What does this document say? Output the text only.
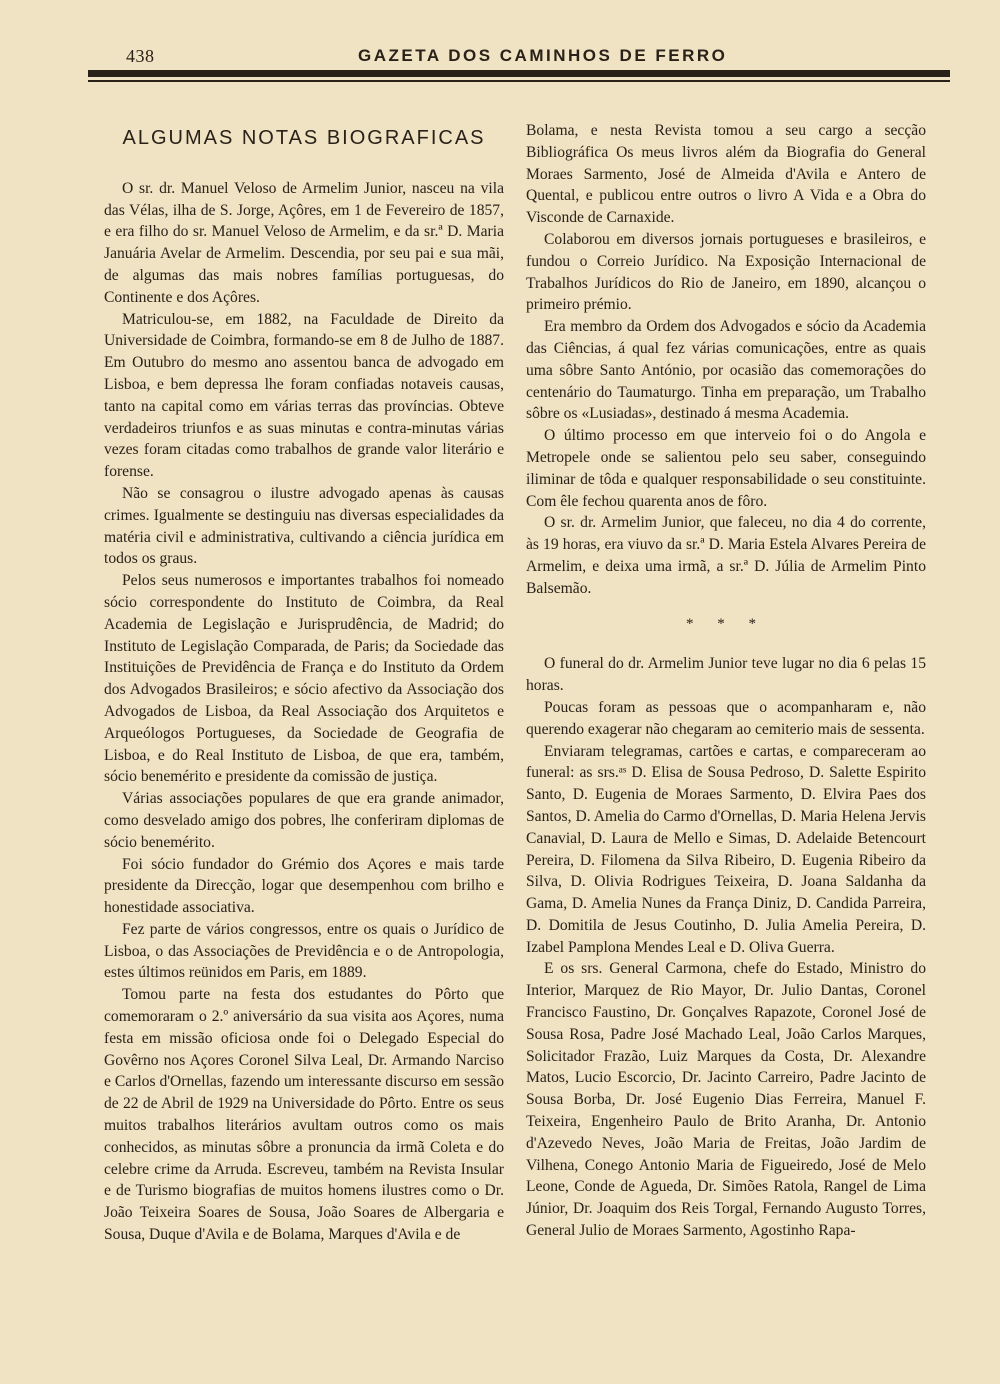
438	GAZETA DOS CAMINHOS DE FERRO
ALGUMAS NOTAS BIOGRAFICAS

O sr. dr. Manuel Veloso de Armelim Junior, nasceu na vila das Vélas, ilha de S. Jorge, Açôres, em 1 de Fevereiro de 1857, e era filho do sr. Manuel Veloso de Armelim, e da sr.ª D. Maria Januária Avelar de Armelim. Descendia, por seu pai e sua mãi, de algumas das mais nobres famílias portuguesas, do Continente e dos Açôres.

Matriculou-se, em 1882, na Faculdade de Direito da Universidade de Coimbra, formando-se em 8 de Julho de 1887. Em Outubro do mesmo ano assentou banca de advogado em Lisboa, e bem depressa lhe foram confiadas notaveis causas, tanto na capital como em várias terras das províncias. Obteve verdadeiros triunfos e as suas minutas e contra-minutas várias vezes foram citadas como trabalhos de grande valor literário e forense.

Não se consagrou o ilustre advogado apenas às causas crimes. Igualmente se destinguiu nas diversas especialidades da matéria civil e administrativa, cultivando a ciência jurídica em todos os graus.

Pelos seus numerosos e importantes trabalhos foi nomeado sócio correspondente do Instituto de Coimbra, da Real Academia de Legislação e Jurisprudência, de Madrid; do Instituto de Legislação Comparada, de Paris; da Sociedade das Instituições de Previdência de França e do Instituto da Ordem dos Advogados Brasileiros; e sócio afectivo da Associação dos Advogados de Lisboa, da Real Associação dos Arquitetos e Arqueólogos Portugueses, da Sociedade de Geografia de Lisboa, e do Real Instituto de Lisboa, de que era, também, sócio benemérito e presidente da comissão de justiça.

Várias associações populares de que era grande animador, como desvelado amigo dos pobres, lhe conferiram diplomas de sócio benemérito.

Foi sócio fundador do Grémio dos Açores e mais tarde presidente da Direcção, logar que desempenhou com brilho e honestidade associativa.

Fez parte de vários congressos, entre os quais o Jurídico de Lisboa, o das Associações de Previdência e o de Antropologia, estes últimos reünidos em Paris, em 1889.

Tomou parte na festa dos estudantes do Pôrto que comemoraram o 2.º aniversário da sua visita aos Açores, numa festa em missão oficiosa onde foi o Delegado Especial do Govêrno nos Açores Coronel Silva Leal, Dr. Armando Narciso e Carlos d'Ornellas, fazendo um interessante discurso em sessão de 22 de Abril de 1929 na Universidade do Pôrto. Entre os seus muitos trabalhos literários avultam outros como os mais conhecidos, as minutas sôbre a pronuncia da irmã Coleta e do celebre crime da Arruda. Escreveu, também na Revista Insular e de Turismo biografias de muitos homens ilustres como o Dr. João Teixeira Soares de Sousa, João Soares de Albergaria e Sousa, Duque d'Avila e de Bolama, Marques d'Avila e de

Bolama, e nesta Revista tomou a seu cargo a secção Bibliográfica Os meus livros além da Biografia do General Moraes Sarmento, José de Almeida d'Avila e Antero de Quental, e publicou entre outros o livro A Vida e a Obra do Visconde de Carnaxide.

Colaborou em diversos jornais portugueses e brasileiros, e fundou o Correio Jurídico. Na Exposição Internacional de Trabalhos Jurídicos do Rio de Janeiro, em 1890, alcançou o primeiro prémio.

Era membro da Ordem dos Advogados e sócio da Academia das Ciências, á qual fez várias comunicações, entre as quais uma sôbre Santo António, por ocasião das comemorações do centenário do Taumaturgo. Tinha em preparação, um Trabalho sôbre os «Lusiadas», destinado á mesma Academia.

O último processo em que interveio foi o do Angola e Metropele onde se salientou pelo seu saber, conseguindo iliminar de tôda e qualquer responsabilidade o seu constituinte. Com êle fechou quarenta anos de fôro.

O sr. dr. Armelim Junior, que faleceu, no dia 4 do corrente, às 19 horas, era viuvo da sr.ª D. Maria Estela Alvares Pereira de Armelim, e deixa uma irmã, a sr.ª D. Júlia de Armelim Pinto Balsemão.

* * *

O funeral do dr. Armelim Junior teve lugar no dia 6 pelas 15 horas.

Poucas foram as pessoas que o acompanharam e, não querendo exagerar não chegaram ao cemiterio mais de sessenta.

Enviaram telegramas, cartões e cartas, e compareceram ao funeral: as srs.ᵃˢ D. Elisa de Sousa Pedroso, D. Salette Espirito Santo, D. Eugenia de Moraes Sarmento, D. Elvira Paes dos Santos, D. Amelia do Carmo d'Ornellas, D. Maria Helena Jervis Canavial, D. Laura de Mello e Simas, D. Adelaide Betencourt Pereira, D. Filomena da Silva Ribeiro, D. Eugenia Ribeiro da Silva, D. Olivia Rodrigues Teixeira, D. Joana Saldanha da Gama, D. Amelia Nunes da França Diniz, D. Candida Parreira, D. Domitila de Jesus Coutinho, D. Julia Amelia Pereira, D. Izabel Pamplona Mendes Leal e D. Oliva Guerra.

E os srs. General Carmona, chefe do Estado, Ministro do Interior, Marquez de Rio Mayor, Dr. Julio Dantas, Coronel Francisco Faustino, Dr. Gonçalves Rapazote, Coronel José de Sousa Rosa, Padre José Machado Leal, João Carlos Marques, Solicitador Frazão, Luiz Marques da Costa, Dr. Alexandre Matos, Lucio Escorcio, Dr. Jacinto Carreiro, Padre Jacinto de Sousa Borba, Dr. José Eugenio Dias Ferreira, Manuel F. Teixeira, Engenheiro Paulo de Brito Aranha, Dr. Antonio d'Azevedo Neves, João Maria de Freitas, João Jardim de Vilhena, Conego Antonio Maria de Figueiredo, José de Melo Leone, Conde de Agueda, Dr. Simões Ratola, Rangel de Lima Júnior, Dr. Joaquim dos Reis Torgal, Fernando Augusto Torres, General Julio de Moraes Sarmento, Agostinho Rapa-
